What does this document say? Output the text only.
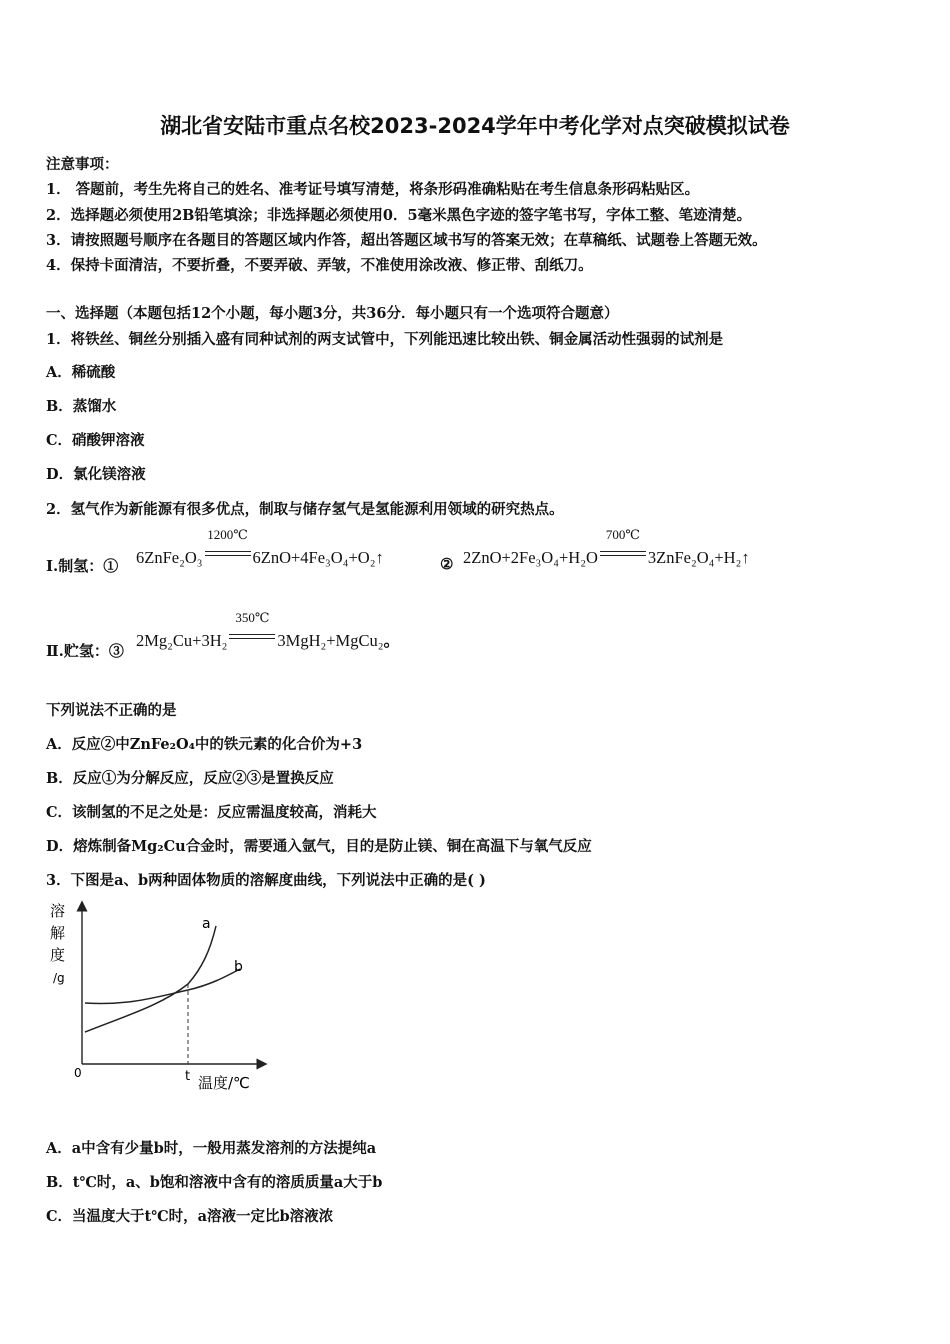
湖北省安陆市重点名校2023-2024学年中考化学对点突破模拟试卷
注意事项：
1． 答题前，考生先将自己的姓名、准考证号填写清楚，将条形码准确粘贴在考生信息条形码粘贴区。
2．选择题必须使用2B铅笔填涂；非选择题必须使用0．5毫米黑色字迹的签字笔书写，字体工整、笔迹清楚。
3．请按照题号顺序在各题目的答题区域内作答，超出答题区域书写的答案无效；在草稿纸、试题卷上答题无效。
4．保持卡面清洁，不要折叠，不要弄破、弄皱，不准使用涂改液、修正带、刮纸刀。
一、选择题（本题包括12个小题，每小题3分，共36分．每小题只有一个选项符合题意）
1．将铁丝、铜丝分别插入盛有同种试剂的两支试管中，下列能迅速比较出铁、铜金属活动性强弱的试剂是
A．稀硫酸
B．蒸馏水
C．硝酸钾溶液
D．氯化镁溶液
2．氢气作为新能源有很多优点，制取与储存氢气是氢能源利用领域的研究热点。
Ⅰ.制氢：① 6ZnFe₂O₃
1200℃
6ZnO+4Fe₃O₄+O₂↑	② 2ZnO+2Fe₃O₄+H₂O
700℃
3ZnFe₂O₄+H₂↑
Ⅱ.贮氢：③
2Mg₂Cu+3H₂
350℃
3MgH₂+MgCu₂。
下列说法不正确的是
A．反应②中ZnFe₂O₄中的铁元素的化合价为+3
B．反应①为分解反应，反应②③是置换反应
C．该制氢的不足之处是：反应需温度较高，消耗大
D．熔炼制备Mg₂Cu合金时，需要通入氩气，目的是防止镁、铜在高温下与氧气反应
3．下图是a、b两种固体物质的溶解度曲线，下列说法中正确的是( )
溶
解
度
/g
0	t 温度/℃
a
b
A．a中含有少量b时，一般用蒸发溶剂的方法提纯a
B．t℃时，a、b饱和溶液中含有的溶质质量a大于b
C．当温度大于t℃时，a溶液一定比b溶液浓
